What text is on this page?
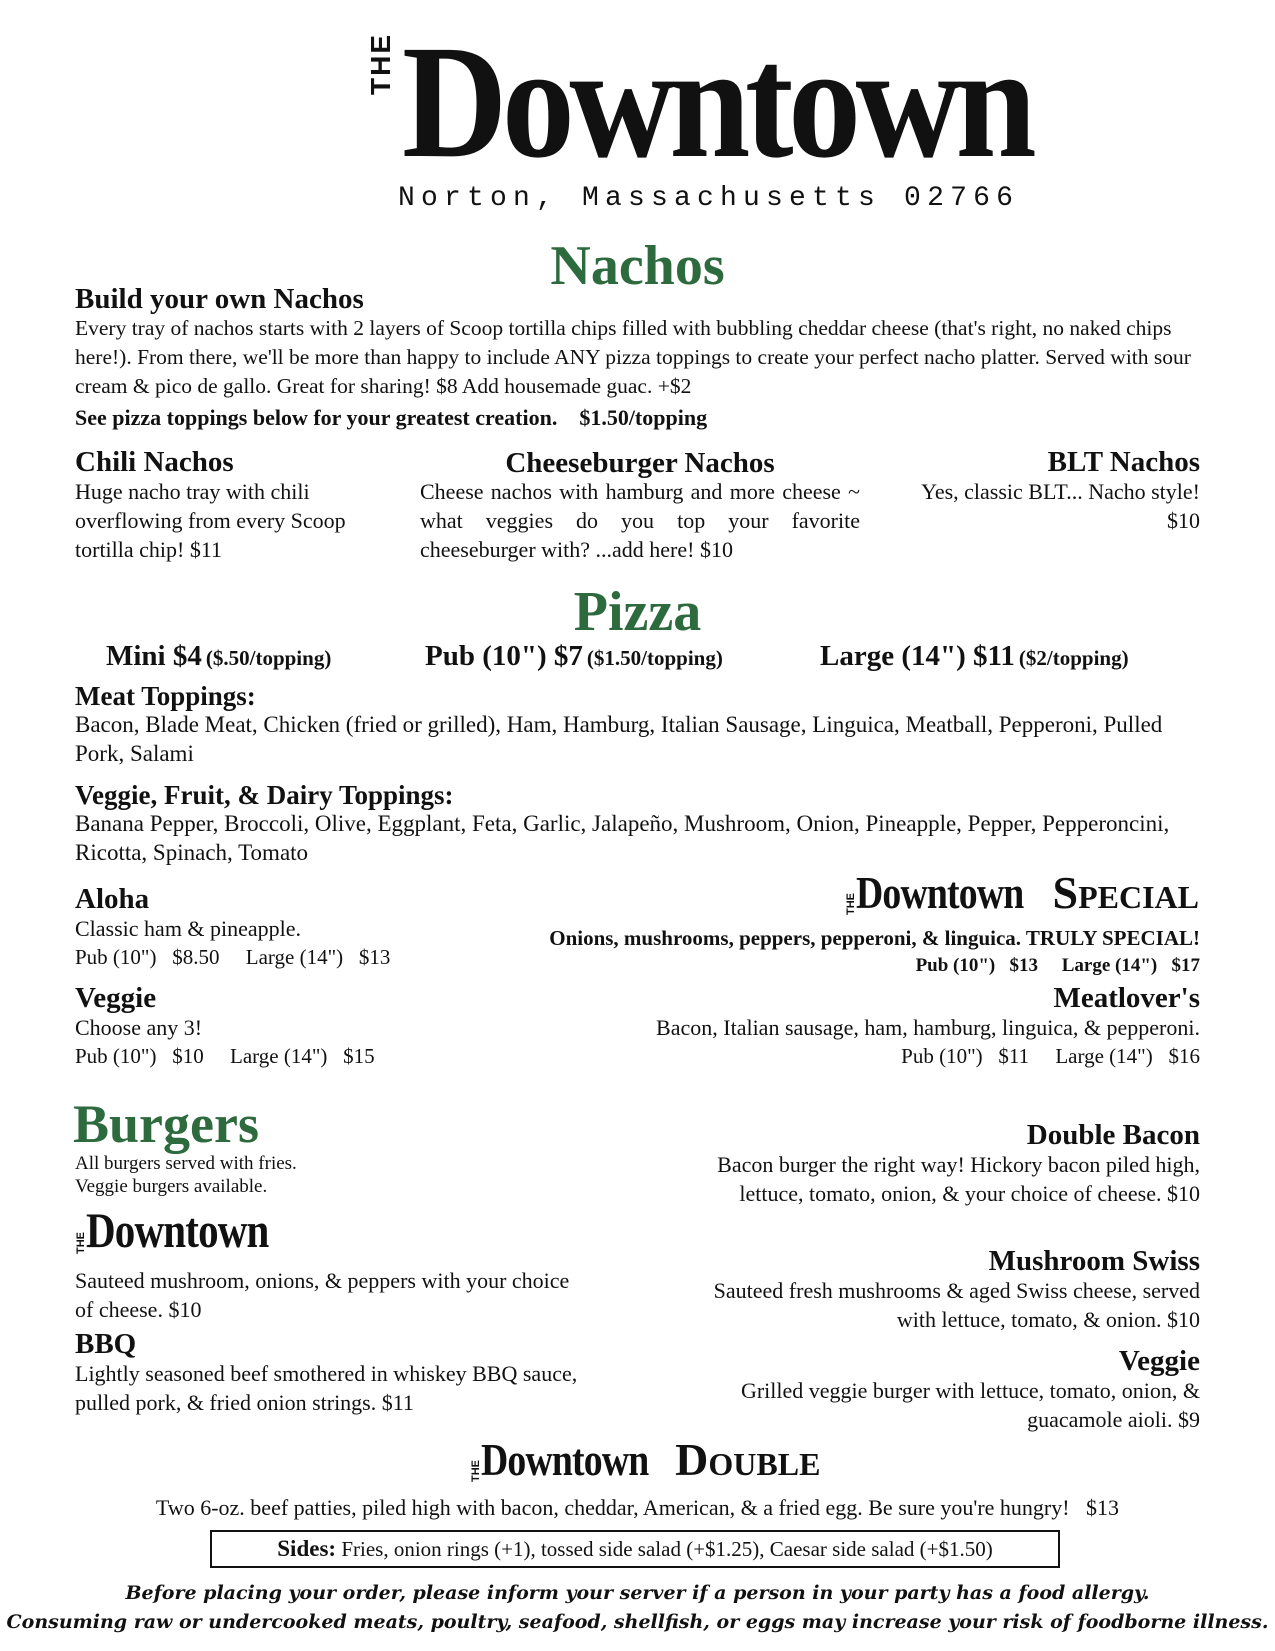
THE Downtown
Norton, Massachusetts 02766
Nachos
Build your own Nachos
Every tray of nachos starts with 2 layers of Scoop tortilla chips filled with bubbling cheddar cheese (that's right, no naked chips here!). From there, we'll be more than happy to include ANY pizza toppings to create your perfect nacho platter. Served with sour cream & pico de gallo. Great for sharing! $8 Add housemade guac. +$2
See pizza toppings below for your greatest creation.    $1.50/topping
Chili Nachos
Huge nacho tray with chili overflowing from every Scoop tortilla chip! $11
Cheeseburger Nachos
Cheese nachos with hamburg and more cheese ~ what veggies do you top your favorite cheeseburger with? ...add here! $10
BLT Nachos
Yes, classic BLT... Nacho style!
$10
Pizza
Mini $4 ($.50/topping)	Pub (10") $7 ($1.50/topping)	Large (14") $11 ($2/topping)
Meat Toppings:
Bacon, Blade Meat, Chicken (fried or grilled), Ham, Hamburg, Italian Sausage, Linguica, Meatball, Pepperoni, Pulled Pork, Salami
Veggie, Fruit, & Dairy Toppings:
Banana Pepper, Broccoli, Olive, Eggplant, Feta, Garlic, Jalapeño, Mushroom, Onion, Pineapple, Pepper, Pepperoncini, Ricotta, Spinach, Tomato
Aloha
Classic ham & pineapple.
Pub (10")   $8.50     Large (14")   $13
Veggie
Choose any 3!
Pub (10")   $10     Large (14")   $15
THE Downtown SPECIAL
Onions, mushrooms, peppers, pepperoni, & linguica. TRULY SPECIAL!
Pub (10")   $13     Large (14")   $17
Meatlover's
Bacon, Italian sausage, ham, hamburg, linguica, & pepperoni.
Pub (10")   $11     Large (14")   $16
Burgers
All burgers served with fries.
Veggie burgers available.
THE Downtown
Sauteed mushroom, onions, & peppers with your choice of cheese. $10
BBQ
Lightly seasoned beef smothered in whiskey BBQ sauce, pulled pork, & fried onion strings. $11
Double Bacon
Bacon burger the right way! Hickory bacon piled high, lettuce, tomato, onion, & your choice of cheese. $10
Mushroom Swiss
Sauteed fresh mushrooms & aged Swiss cheese, served with lettuce, tomato, & onion. $10
Veggie
Grilled veggie burger with lettuce, tomato, onion, & guacamole aioli. $9
THE Downtown DOUBLE
Two 6-oz. beef patties, piled high with bacon, cheddar, American, & a fried egg. Be sure you're hungry!   $13
Sides: Fries, onion rings (+1), tossed side salad (+$1.25), Caesar side salad (+$1.50)
Before placing your order, please inform your server if a person in your party has a food allergy.
Consuming raw or undercooked meats, poultry, seafood, shellfish, or eggs may increase your risk of foodborne illness.
